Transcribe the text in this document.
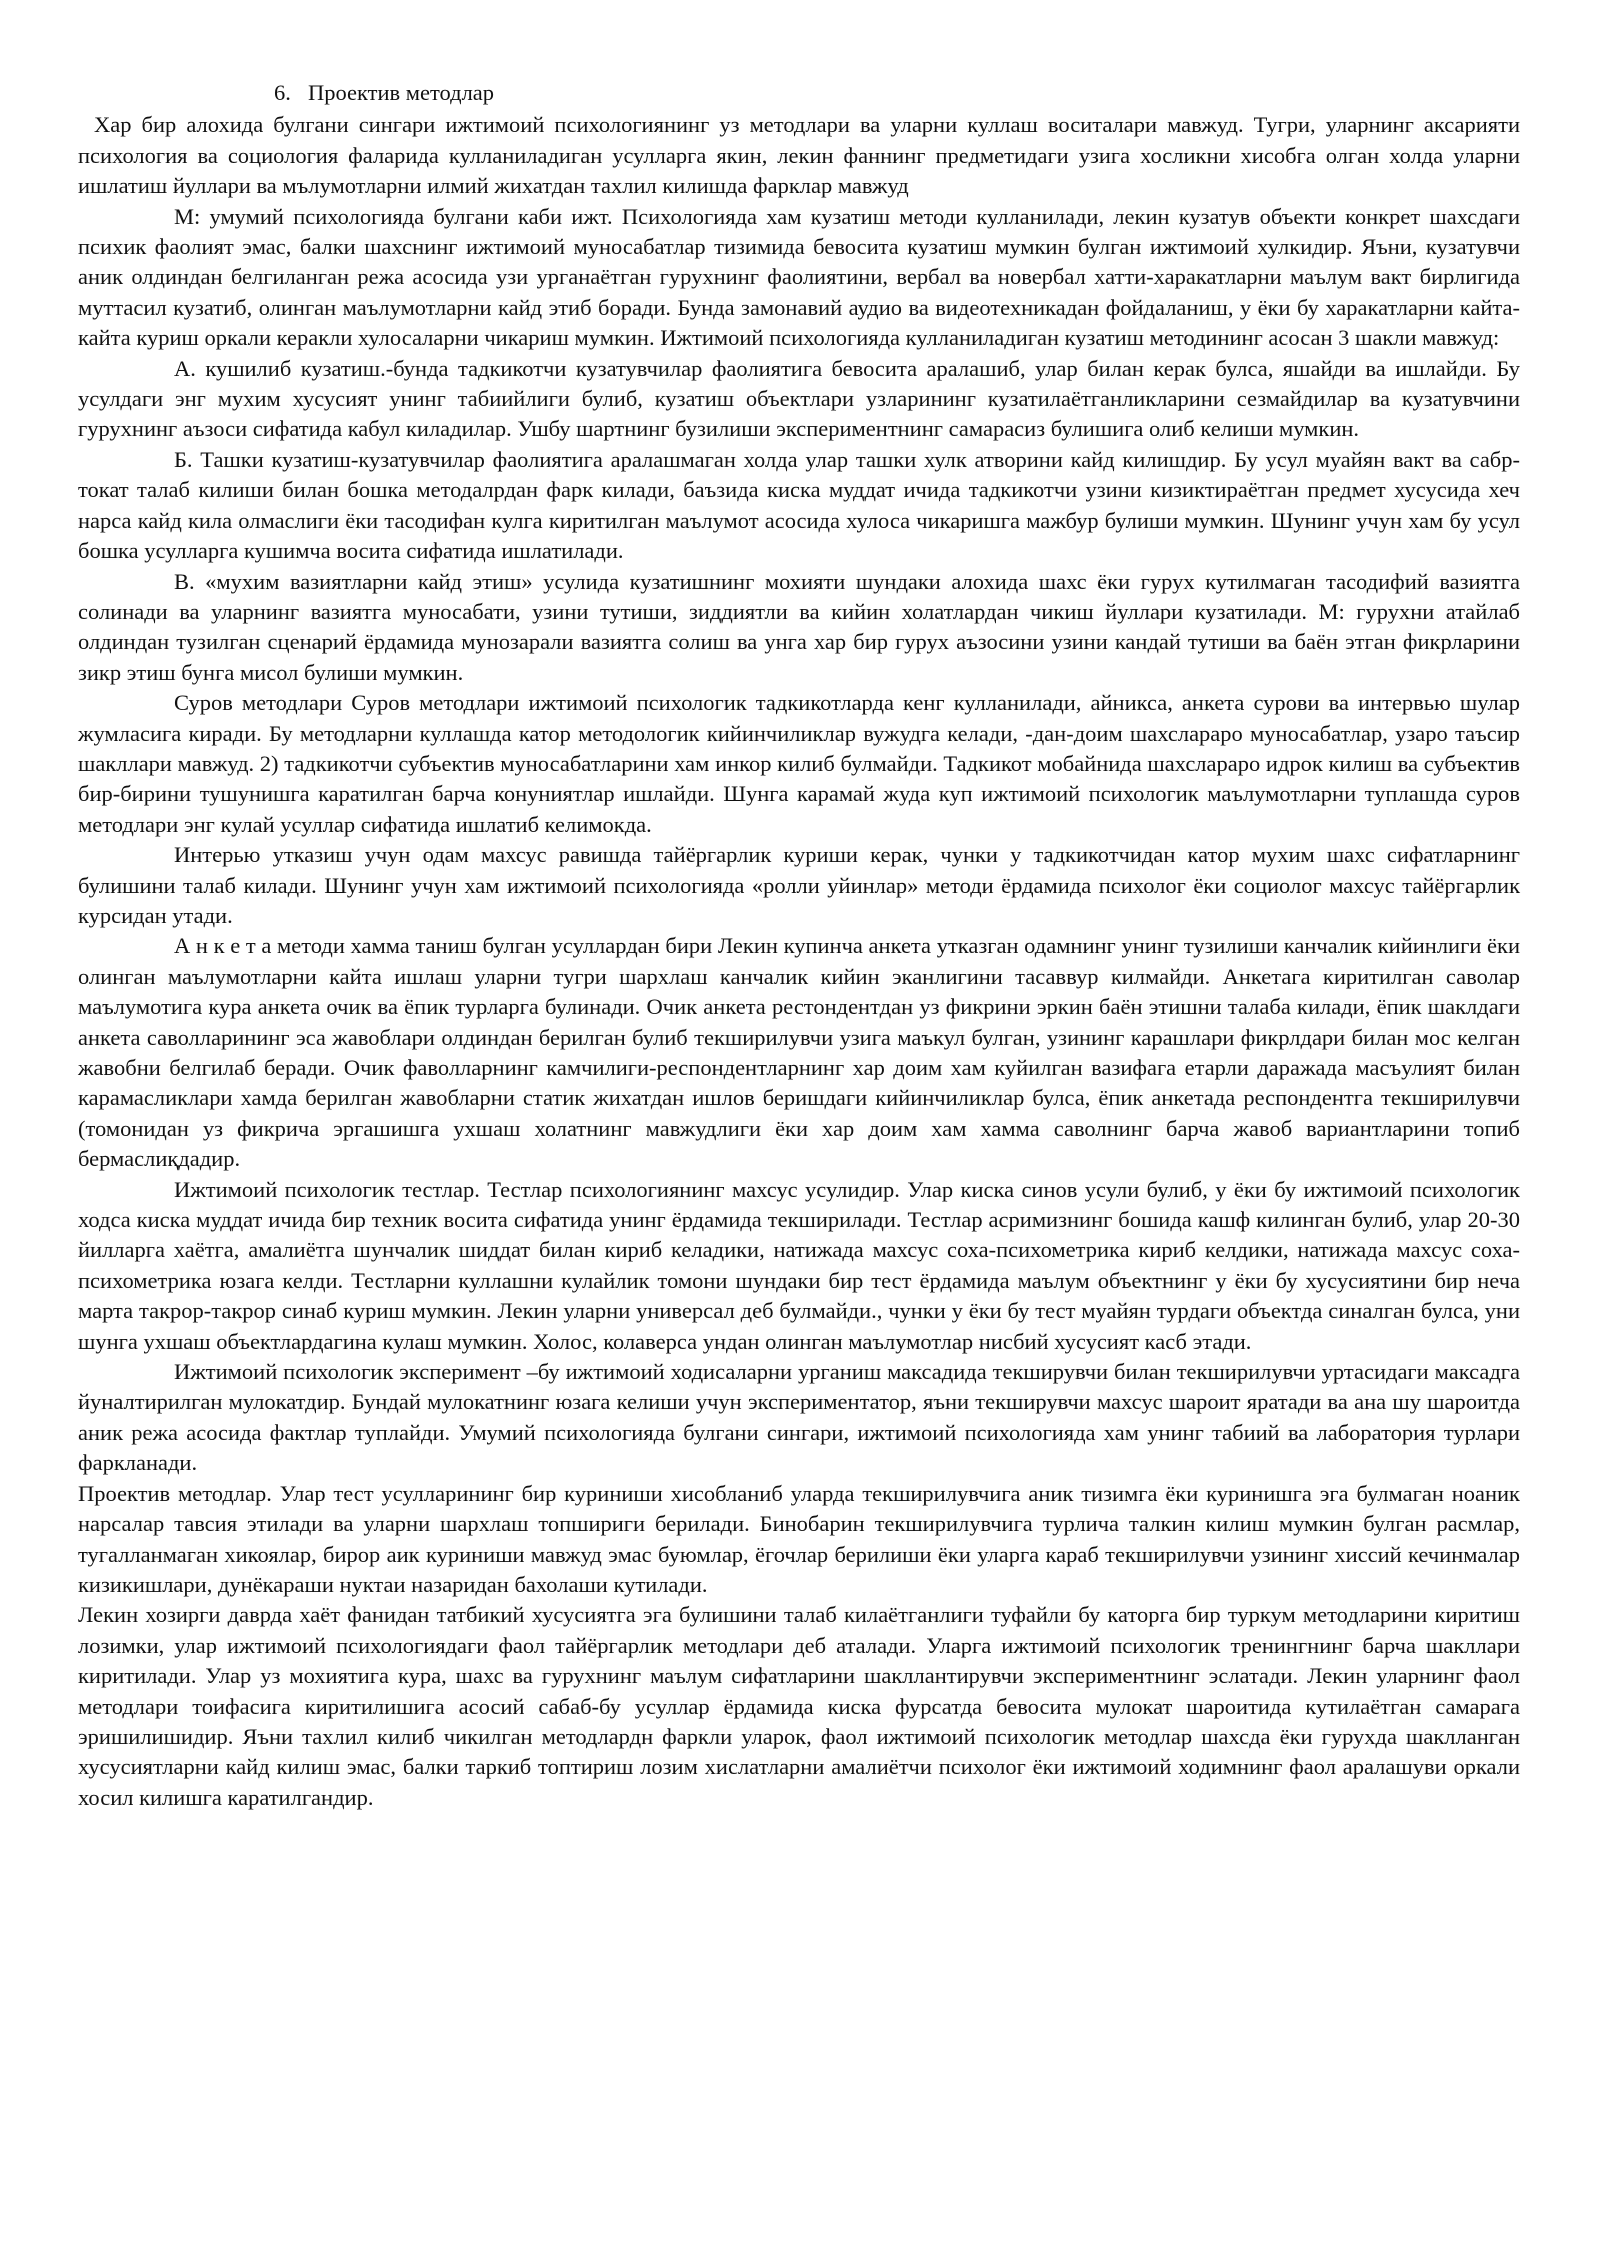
6. Проектив методлар

Хар бир алохида булгани сингари ижтимоий психологиянинг уз методлари ва уларни куллаш воситалари мавжуд. Тугри, уларнинг аксарияти психология ва социология фаларида кулланиладиган усулларга якин, лекин фаннинг предметидаги узига хосликни хисобга олган холда уларни ишлатиш йуллари ва мълумотларни илмий жихатдан тахлил килишда фарклар мавжуд

М: умумий психологияда булгани каби ижт. Психологияда хам кузатиш методи кулланилади, лекин кузатув объекти конкрет шахсдаги психик фаолият эмас, балки шахснинг ижтимоий муносабатлар тизимида бевосита кузатиш мумкин булган ижтимоий хулкидир. Яъни, кузатувчи аник олдиндан белгиланган режа асосида узи урганаётган гурухнинг фаолиятини, вербал ва новербал хатти-харакатларни маълум вакт бирлигида муттасил кузатиб, олинган маълумотларни кайд этиб боради. Бунда замонавий аудио ва видеотехникадан фойдаланиш, у ёки бу харакатларни кайта-кайта куриш оркали керакли хулосаларни чикариш мумкин. Ижтимоий психологияда кулланиладиган кузатиш методининг асосан 3 шакли мавжуд:

А. кушилиб кузатиш.-бунда тадкикотчи кузатувчилар фаолиятига бевосита аралашиб, улар билан керак булса, яшайди ва ишлайди. Бу усулдаги энг мухим хусусият унинг табиийлиги булиб, кузатиш объектлари узларининг кузатилаётганликларини сезмайдилар ва кузатувчини гурухнинг аъзоси сифатида кабул киладилар. Ушбу шартнинг бузилиши экспериментнинг самарасиз булишига олиб келиши мумкин.

Б. Ташки кузатиш-кузатувчилар фаолиятига аралашмаган холда улар ташки хулк атворини кайд килишдир. Бу усул муайян вакт ва сабр-токат талаб килиши билан бошка методалрдан фарк килади, баъзида киска муддат ичида тадкикотчи узини кизиктираётган предмет хусусида хеч нарса кайд кила олмаслиги ёки тасодифан кулга киритилган маълумот асосида хулоса чикаришга мажбур булиши мумкин. Шунинг учун хам бу усул бошка усулларга кушимча восита сифатида ишлатилади.

В. «мухим вазиятларни кайд этиш» усулида кузатишнинг мохияти шундаки алохида шахс ёки гурух кутилмаган тасодифий вазиятга солинади ва уларнинг вазиятга муносабати, узини тутиши, зиддиятли ва кийин холатлардан чикиш йуллари кузатилади. М: гурухни атайлаб олдиндан тузилган сценарий ёрдамида мунозарали вазиятга солиш ва унга хар бир гурух аъзосини узини кандай тутиши ва баён этган фикрларини зикр этиш бунга мисол булиши мумкин.

Суров методлари Суров методлари ижтимоий психологик тадкикотларда кенг кулланилади, айникса, анкета сурови ва интервью шулар жумласига киради. Бу методларни куллашда катор методологик кийинчиликлар вужудга келади, -дан-доим шахслараро муносабатлар, узаро таъсир шакллари мавжуд. 2) тадкикотчи субъектив муносабатларини хам инкор килиб булмайди. Тадкикот мобайнида шахслараро идрок килиш ва субъектив бир-бирини тушунишга каратилган барча конуниятлар ишлайди. Шунга карамай жуда куп ижтимоий психологик маълумотларни туплашда суров методлари энг кулай усуллар сифатида ишлатиб келимокда.

Интерью утказиш учун одам махсус равишда тайёргарлик куриши керак, чунки у тадкикотчидан катор мухим шахс сифатларнинг булишини талаб килади. Шунинг учун хам ижтимоий психологияда «ролли уйинлар» методи ёрдамида психолог ёки социолог махсус тайёргарлик курсидан утади.

А н к е т а методи хамма таниш булган усуллардан бири Лекин купинча анкета утказган одамнинг унинг тузилиши канчалик кийинлиги ёки олинган маълумотларни кайта ишлаш уларни тугри шархлаш канчалик кийин эканлигини тасаввур килмайди. Анкетага киритилган саволар маълумотига кура анкета очик ва ёпик турларга булинади. Очик анкета рестондентдан уз фикрини эркин баён этишни талаба килади, ёпик шаклдаги анкета саволларининг эса жавоблари олдиндан берилган булиб текширилувчи узига маъкул булган, узининг карашлари фикрлдари билан мос келган жавобни белгилаб беради. Очик фаволларнинг камчилиги-респондентларнинг хар доим хам куйилган вазифага етарли даражада масъулият билан карамасликлари хамда берилган жавобларни статик жихатдан ишлов беришдаги кийинчиликлар булса, ёпик анкетада респондентга текширилувчи (томонидан уз фикрича эргашишга ухшаш холатнинг мавжудлиги ёки хар доим хам хамма саволнинг барча жавоб вариантларини топиб бермаслиқдадир.

Ижтимоий психологик тестлар. Тестлар психологиянинг махсус усулидир. Улар киска синов усули булиб, у ёки бу ижтимоий психологик ходса киска муддат ичида бир техник восита сифатида унинг ёрдамида текширилади. Тестлар асримизнинг бошида кашф килинган булиб, улар 20-30 йилларга хаётга, амалиётга шунчалик шиддат билан кириб келадики, натижада махсус соха-психометрика кириб келдики, натижада махсус соха-психометрика юзага келди. Тестларни куллашни кулайлик томони шундаки бир тест ёрдамида маълум объектнинг у ёки бу хусусиятини бир неча марта такрор-такрор синаб куриш мумкин. Лекин уларни универсал деб булмайди., чунки у ёки бу тест муайян турдаги объектда синалган булса, уни шунга ухшаш объектлардагина кулаш мумкин. Холос, колаверса ундан олинган маълумотлар нисбий хусусият касб этади.

Ижтимоий психологик эксперимент –бу ижтимоий ходисаларни урганиш максадида текширувчи билан текширилувчи уртасидаги максадга йуналтирилган мулокатдир. Бундай мулокатнинг юзага келиши учун экспериментатор, яъни текширувчи махсус шароит яратади ва ана шу шароитда аник режа асосида фактлар туплайди. Умумий психологияда булгани сингари, ижтимоий психологияда хам унинг табиий ва лаборатория турлари фаркланади.

Проектив методлар. Улар тест усулларининг бир куриниши хисобланиб уларда текширилувчига аник тизимга ёки куринишга эга булмаган ноаник нарсалар тавсия этилади ва уларни шархлаш топшириги берилади. Бинобарин текширилувчига турлича талкин килиш мумкин булган расмлар, тугалланмаган хикоялар, бирор аик куриниши мавжуд эмас буюмлар, ёгочлар берилиши ёки уларга караб текширилувчи узининг хиссий кечинмалар кизикишлари, дунёкараши нуктаи назаридан бахолаши кутилади.

Лекин хозирги даврда хаёт фанидан татбикий хусусиятга эга булишини талаб килаётганлиги туфайли бу каторга бир туркум методларини киритиш лозимки, улар ижтимоий психологиядаги фаол тайёргарлик методлари деб аталади. Уларга ижтимоий психологик тренингнинг барча шакллари киритилади. Улар уз мохиятига кура, шахс ва гурухнинг маълум сифатларини шакллантирувчи экспериментнинг эслатади. Лекин уларнинг фаол методлари тоифасига киритилишига асосий сабаб-бу усуллар ёрдамида киска фурсатда бевосита мулокат шароитида кутилаётган самарага эришилишидир. Яъни тахлил килиб чикилган методлардн фаркли уларок, фаол ижтимоий психологик методлар шахсда ёки гурухда шаклланган хусусиятларни кайд килиш эмас, балки таркиб топтириш лозим хислатларни амалиётчи психолог ёки ижтимоий ходимнинг фаол аралашуви оркали хосил килишга каратилгандир.
